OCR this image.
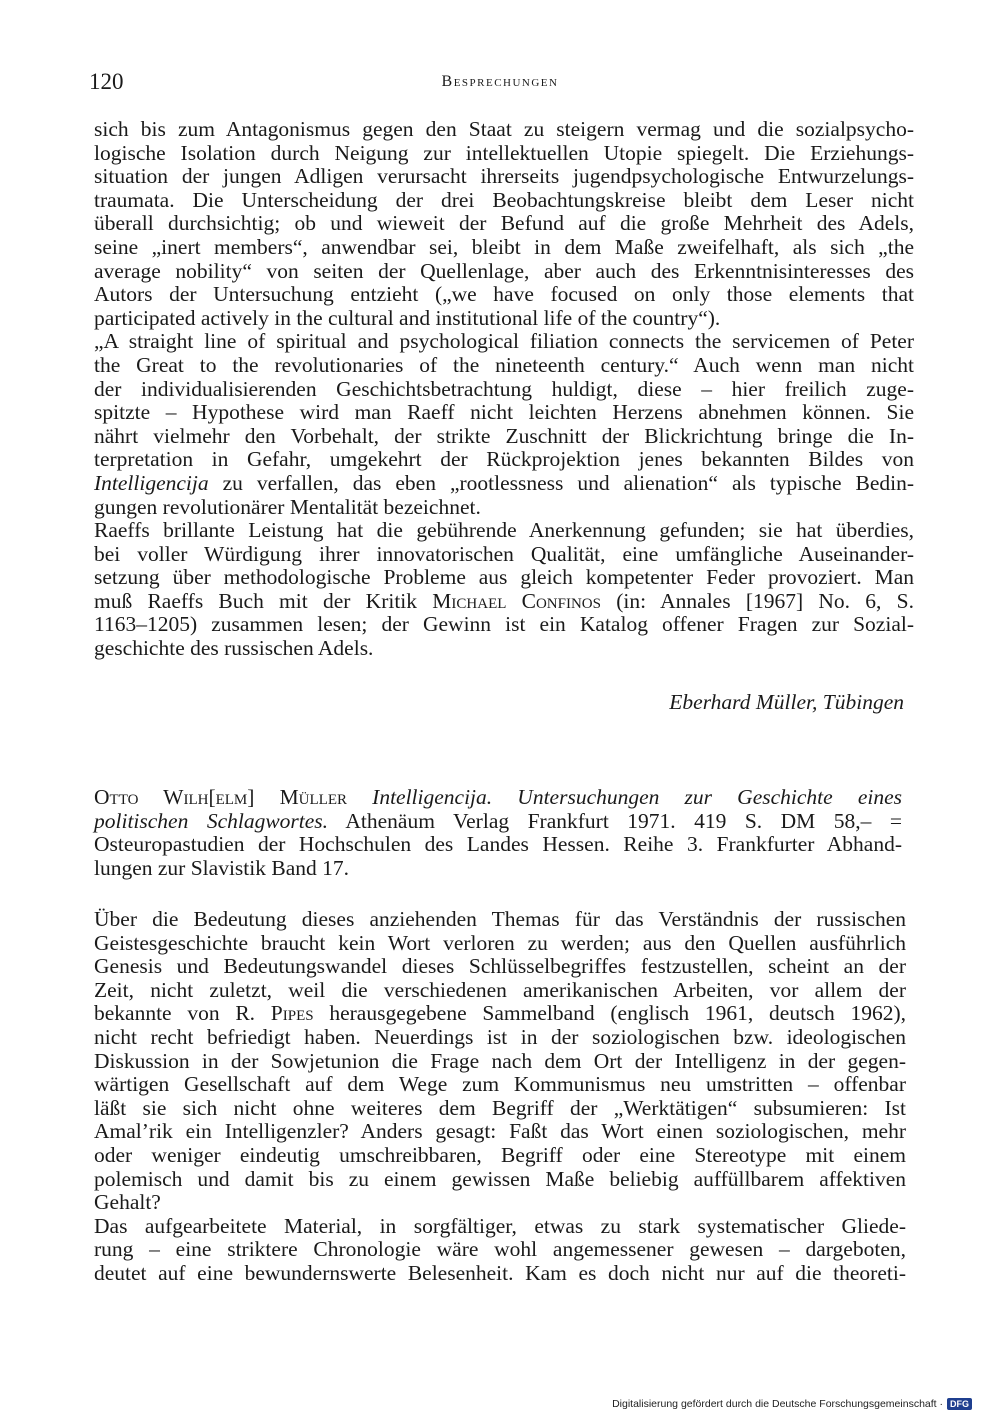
120	Besprechungen
sich bis zum Antagonismus gegen den Staat zu steigern vermag und die sozialpsycho-
logische Isolation durch Neigung zur intellektuellen Utopie spiegelt. Die Erziehungs-
situation der jungen Adligen verursacht ihrerseits jugendpsychologische Entwurzelungs-
traumata. Die Unterscheidung der drei Beobachtungskreise bleibt dem Leser nicht
überall durchsichtig; ob und wieweit der Befund auf die große Mehrheit des Adels,
seine „inert members“, anwendbar sei, bleibt in dem Maße zweifelhaft, als sich „the
average nobility“ von seiten der Quellenlage, aber auch des Erkenntnisinteresses des
Autors der Untersuchung entzieht („we have focused on only those elements that
participated actively in the cultural and institutional life of the country“).
„A straight line of spiritual and psychological filiation connects the servicemen of Peter
the Great to the revolutionaries of the nineteenth century.“ Auch wenn man nicht
der individualisierenden Geschichtsbetrachtung huldigt, diese – hier freilich zuge-
spitzte – Hypothese wird man Raeff nicht leichten Herzens abnehmen können. Sie
nährt vielmehr den Vorbehalt, der strikte Zuschnitt der Blickrichtung bringe die In-
terpretation in Gefahr, umgekehrt der Rückprojektion jenes bekannten Bildes von
Intelligencija zu verfallen, das eben „rootlessness und alienation“ als typische Bedin-
gungen revolutionärer Mentalität bezeichnet.
Raeffs brillante Leistung hat die gebührende Anerkennung gefunden; sie hat überdies,
bei voller Würdigung ihrer innovatorischen Qualität, eine umfängliche Auseinander-
setzung über methodologische Probleme aus gleich kompetenter Feder provoziert. Man
muß Raeffs Buch mit der Kritik Michael Confinos (in: Annales [1967] No. 6, S.
1163–1205) zusammen lesen; der Gewinn ist ein Katalog offener Fragen zur Sozial-
geschichte des russischen Adels.
Eberhard Müller, Tübingen
Otto Wilh[elm] Müller Intelligencija. Untersuchungen zur Geschichte eines
politischen Schlagwortes. Athenäum Verlag Frankfurt 1971. 419 S. DM 58,– =
Osteuropastudien der Hochschulen des Landes Hessen. Reihe 3. Frankfurter Abhand-
lungen zur Slavistik Band 17.
Über die Bedeutung dieses anziehenden Themas für das Verständnis der russischen
Geistesgeschichte braucht kein Wort verloren zu werden; aus den Quellen ausführlich
Genesis und Bedeutungswandel dieses Schlüsselbegriffes festzustellen, scheint an der
Zeit, nicht zuletzt, weil die verschiedenen amerikanischen Arbeiten, vor allem der
bekannte von R. Pipes herausgegebene Sammelband (englisch 1961, deutsch 1962),
nicht recht befriedigt haben. Neuerdings ist in der soziologischen bzw. ideologischen
Diskussion in der Sowjetunion die Frage nach dem Ort der Intelligenz in der gegen-
wärtigen Gesellschaft auf dem Wege zum Kommunismus neu umstritten – offenbar
läßt sie sich nicht ohne weiteres dem Begriff der „Werktätigen“ subsumieren: Ist
Amal’rik ein Intelligenzler? Anders gesagt: Faßt das Wort einen soziologischen, mehr
oder weniger eindeutig umschreibbaren, Begriff oder eine Stereotype mit einem
polemisch und damit bis zu einem gewissen Maße beliebig auffüllbarem affektiven
Gehalt?
Das aufgearbeitete Material, in sorgfältiger, etwas zu stark systematischer Gliede-
rung – eine striktere Chronologie wäre wohl angemessener gewesen – dargeboten,
deutet auf eine bewundernswerte Belesenheit. Kam es doch nicht nur auf die theoreti-
Digitalisierung gefördert durch die Deutsche Forschungsgemeinschaft · DFG
